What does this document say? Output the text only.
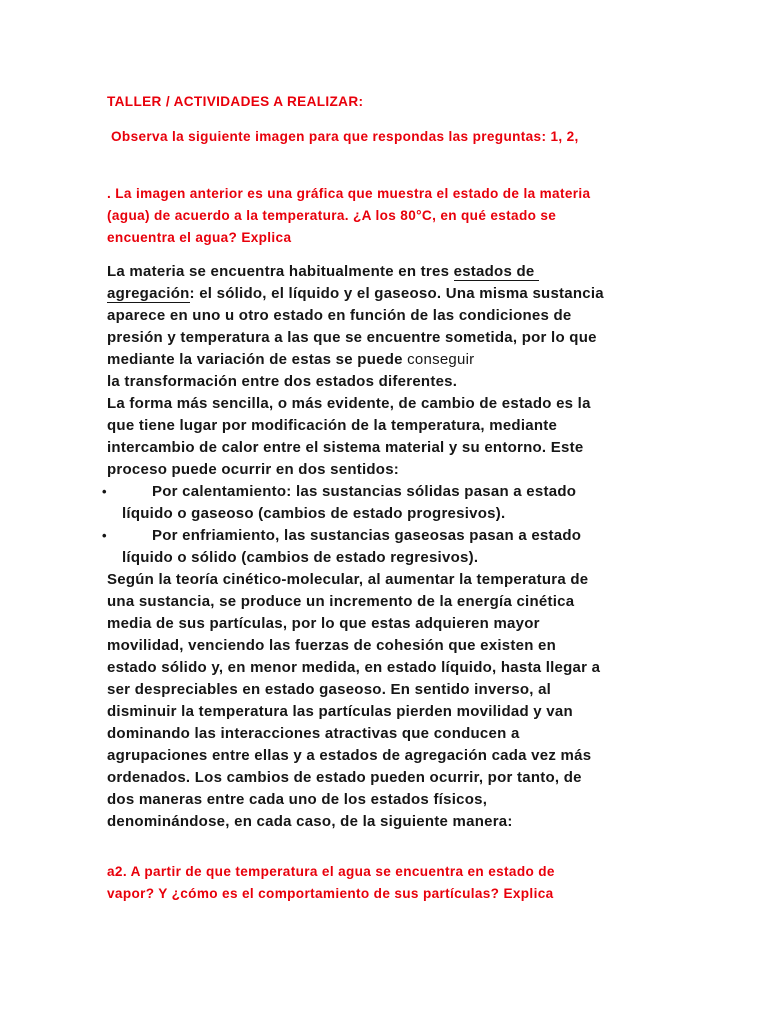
TALLER / ACTIVIDADES A REALIZAR:
Observa la siguiente imagen para que respondas las preguntas: 1, 2,
. La imagen anterior es una gráfica que muestra el estado de la materia
(agua) de acuerdo a la temperatura. ¿A los 80°C, en qué estado se
encuentra el agua? Explica
La materia se encuentra habitualmente en tres estados de
agregación: el sólido, el líquido y el gaseoso. Una misma sustancia
aparece en uno u otro estado en función de las condiciones de
presión y temperatura a las que se encuentre sometida, por lo que
mediante la variación de estas se puede conseguir
la transformación entre dos estados diferentes.
La forma más sencilla, o más evidente, de cambio de estado es la
que tiene lugar por modificación de la temperatura, mediante
intercambio de calor entre el sistema material y su entorno. Este
proceso puede ocurrir en dos sentidos:
•	Por calentamiento: las sustancias sólidas pasan a estado
líquido o gaseoso (cambios de estado progresivos).
•	Por enfriamiento, las sustancias gaseosas pasan a estado
líquido o sólido (cambios de estado regresivos).
Según la teoría cinético-molecular, al aumentar la temperatura de
una sustancia, se produce un incremento de la energía cinética
media de sus partículas, por lo que estas adquieren mayor
movilidad, venciendo las fuerzas de cohesión que existen en
estado sólido y, en menor medida, en estado líquido, hasta llegar a
ser despreciables en estado gaseoso. En sentido inverso, al
disminuir la temperatura las partículas pierden movilidad y van
dominando las interacciones atractivas que conducen a
agrupaciones entre ellas y a estados de agregación cada vez más
ordenados. Los cambios de estado pueden ocurrir, por tanto, de
dos maneras entre cada uno de los estados físicos,
denominándose, en cada caso, de la siguiente manera:
a2. A partir de que temperatura el agua se encuentra en estado de
vapor? Y ¿cómo es el comportamiento de sus partículas? Explica
